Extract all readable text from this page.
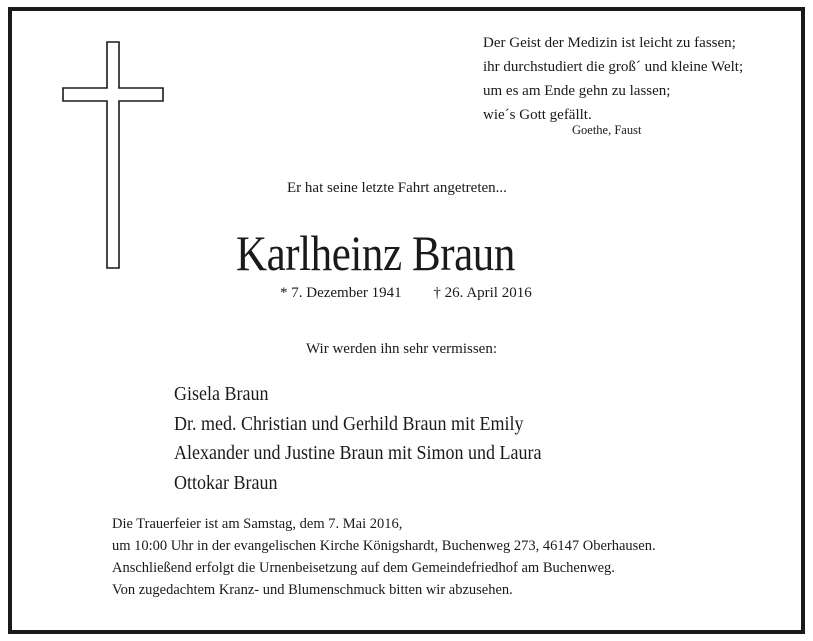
Der Geist der Medizin ist leicht zu fassen;
ihr durchstudiert die groß´ und kleine Welt;
um es am Ende gehn zu lassen;
wie´s Gott gefällt.
Goethe, Faust
Er hat seine letzte Fahrt angetreten...
Karlheinz Braun
* 7. Dezember 1941 † 26. April 2016
Wir werden ihn sehr vermissen:
Gisela Braun
Dr. med. Christian und Gerhild Braun mit Emily
Alexander und Justine Braun mit Simon und Laura
Ottokar Braun
Die Trauerfeier ist am Samstag, dem 7. Mai 2016,
um 10:00 Uhr in der evangelischen Kirche Königshardt, Buchenweg 273, 46147 Oberhausen.
Anschließend erfolgt die Urnenbeisetzung auf dem Gemeindefriedhof am Buchenweg.
Von zugedachtem Kranz- und Blumenschmuck bitten wir abzusehen.
